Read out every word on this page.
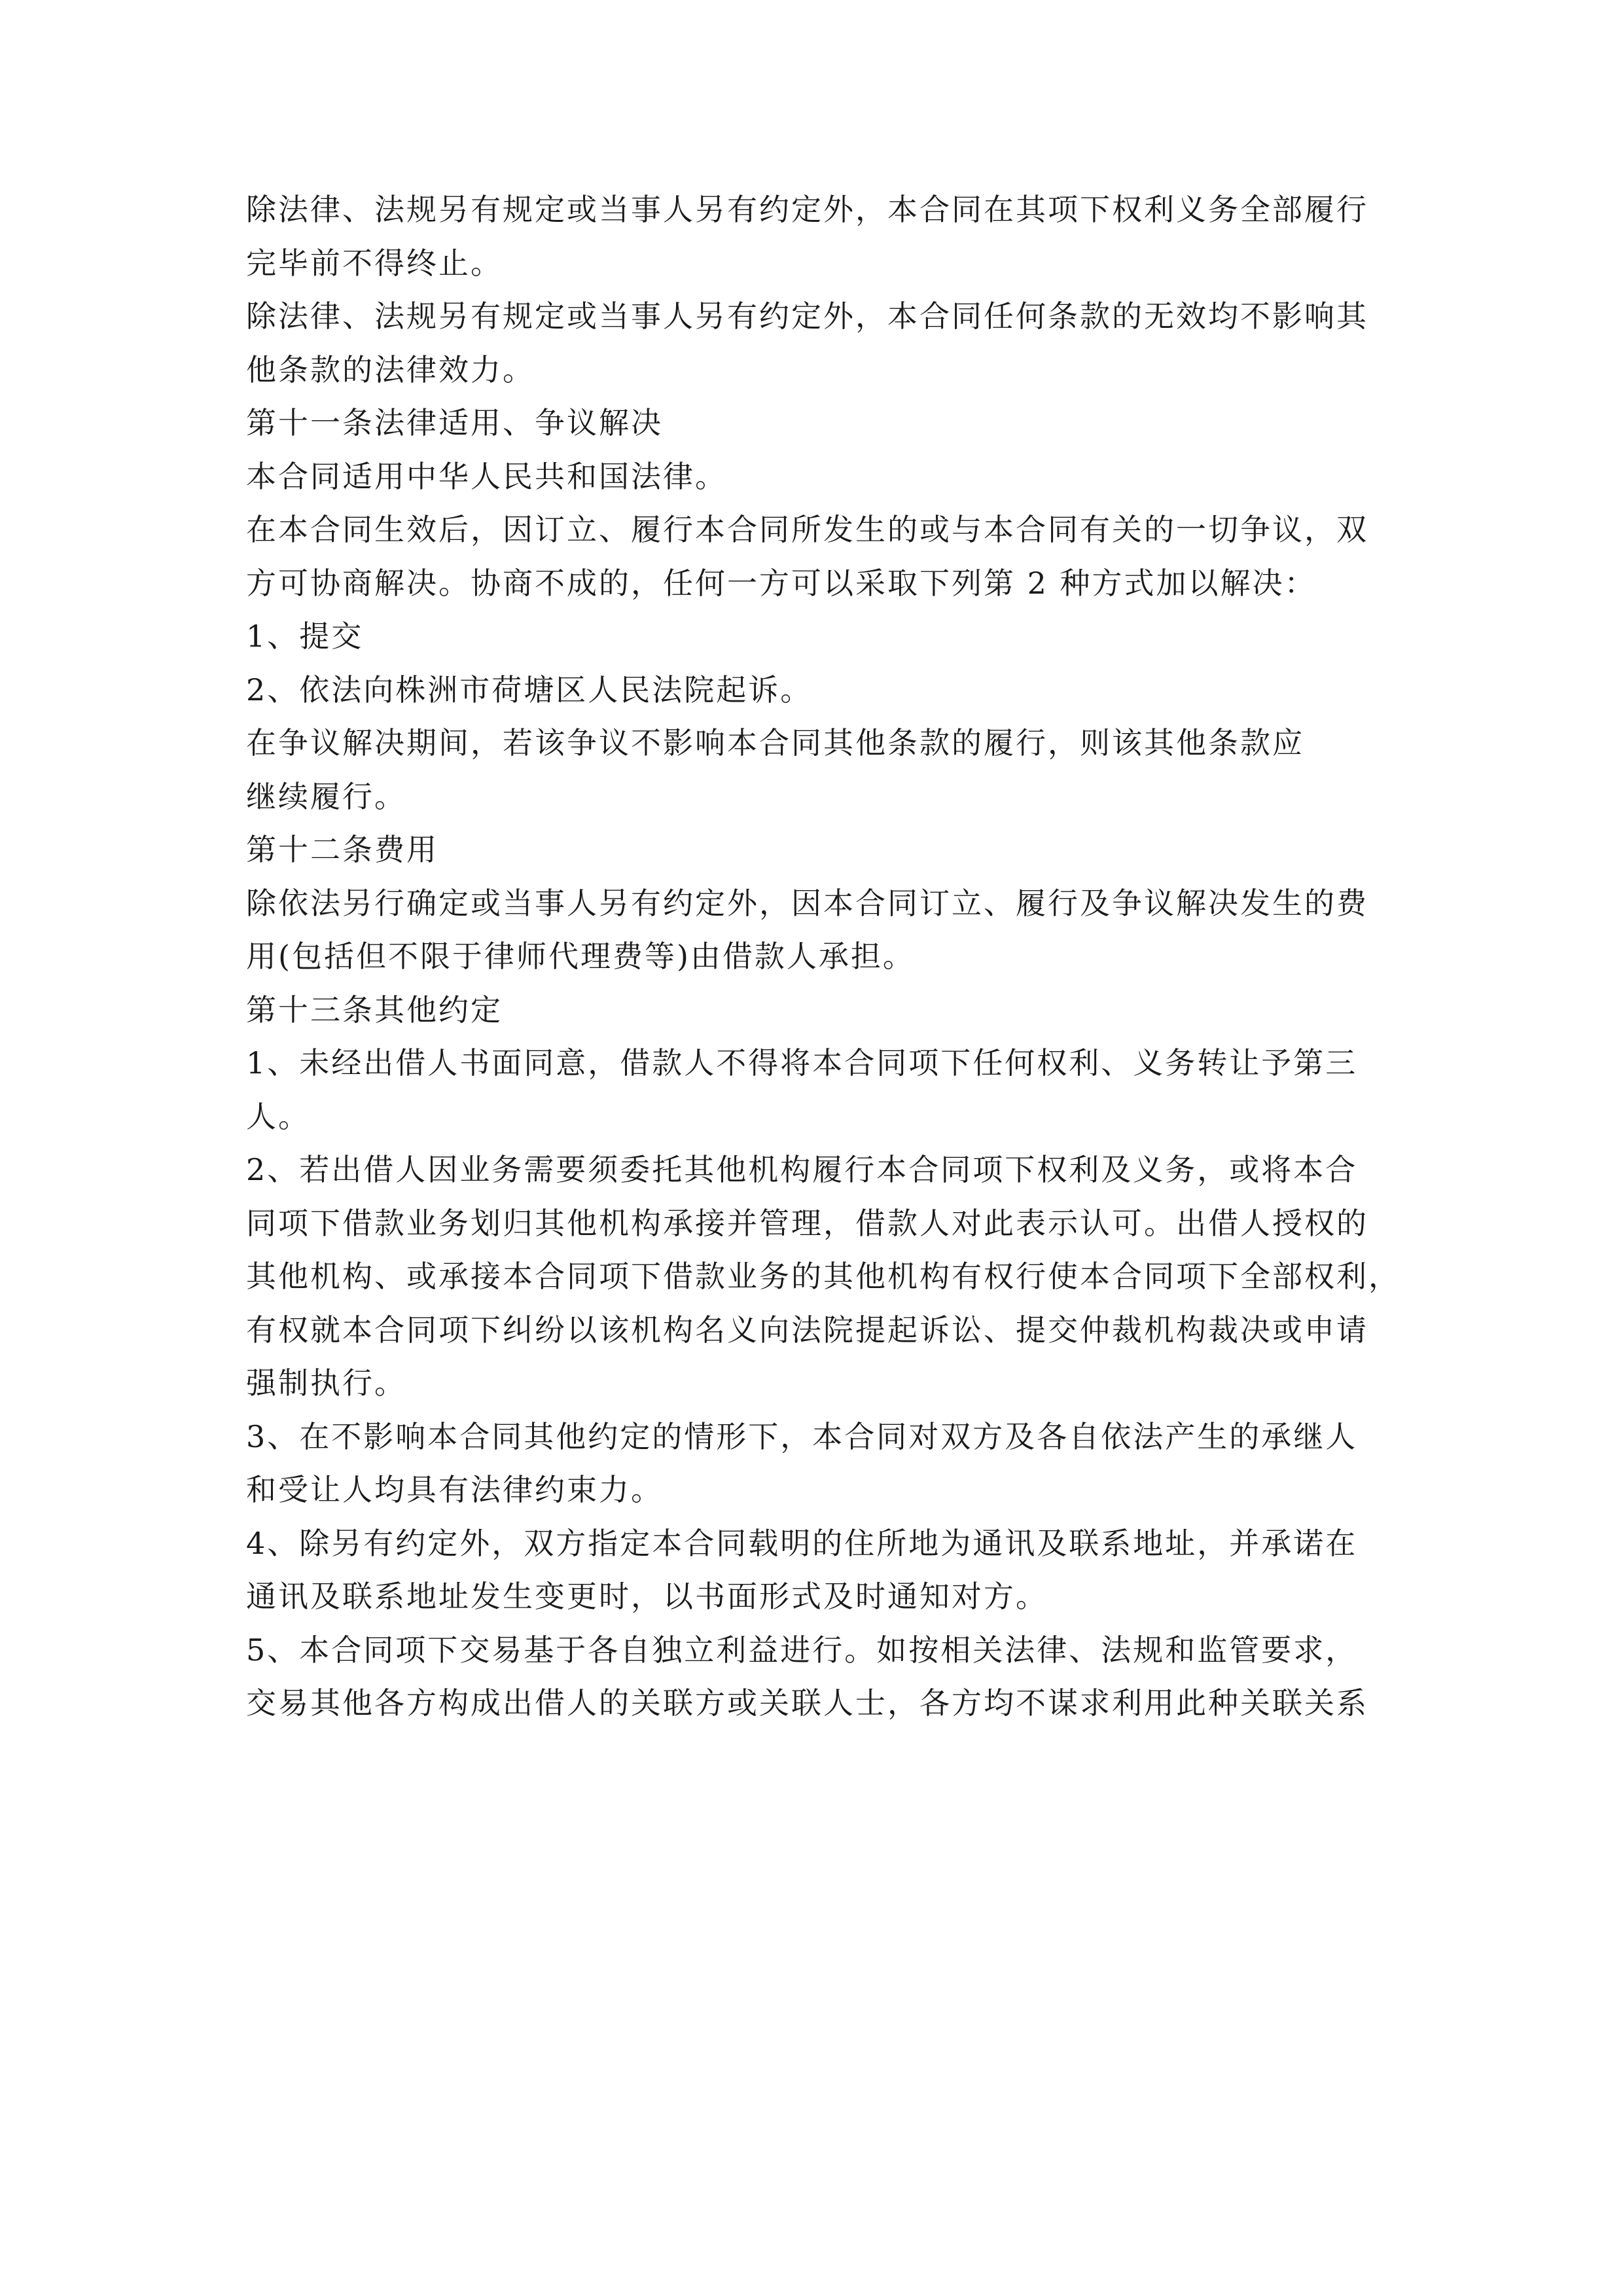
除法律、法规另有规定或当事人另有约定外，本合同在其项下权利义务全部履行
完毕前不得终止。
除法律、法规另有规定或当事人另有约定外，本合同任何条款的无效均不影响其
他条款的法律效力。
第十一条法律适用、争议解决
本合同适用中华人民共和国法律。
在本合同生效后，因订立、履行本合同所发生的或与本合同有关的一切争议，双
方可协商解决。协商不成的，任何一方可以采取下列第 2 种方式加以解决：
1、提交
2、依法向株洲市荷塘区人民法院起诉。
在争议解决期间，若该争议不影响本合同其他条款的履行，则该其他条款应
继续履行。
第十二条费用
除依法另行确定或当事人另有约定外，因本合同订立、履行及争议解决发生的费
用(包括但不限于律师代理费等)由借款人承担。
第十三条其他约定
1、未经出借人书面同意，借款人不得将本合同项下任何权利、义务转让予第三
人。
2、若出借人因业务需要须委托其他机构履行本合同项下权利及义务，或将本合
同项下借款业务划归其他机构承接并管理，借款人对此表示认可。出借人授权的
其他机构、或承接本合同项下借款业务的其他机构有权行使本合同项下全部权利，
有权就本合同项下纠纷以该机构名义向法院提起诉讼、提交仲裁机构裁决或申请
强制执行。
3、在不影响本合同其他约定的情形下，本合同对双方及各自依法产生的承继人
和受让人均具有法律约束力。
4、除另有约定外，双方指定本合同载明的住所地为通讯及联系地址，并承诺在
通讯及联系地址发生变更时，以书面形式及时通知对方。
5、本合同项下交易基于各自独立利益进行。如按相关法律、法规和监管要求，
交易其他各方构成出借人的关联方或关联人士，各方均不谋求利用此种关联关系
